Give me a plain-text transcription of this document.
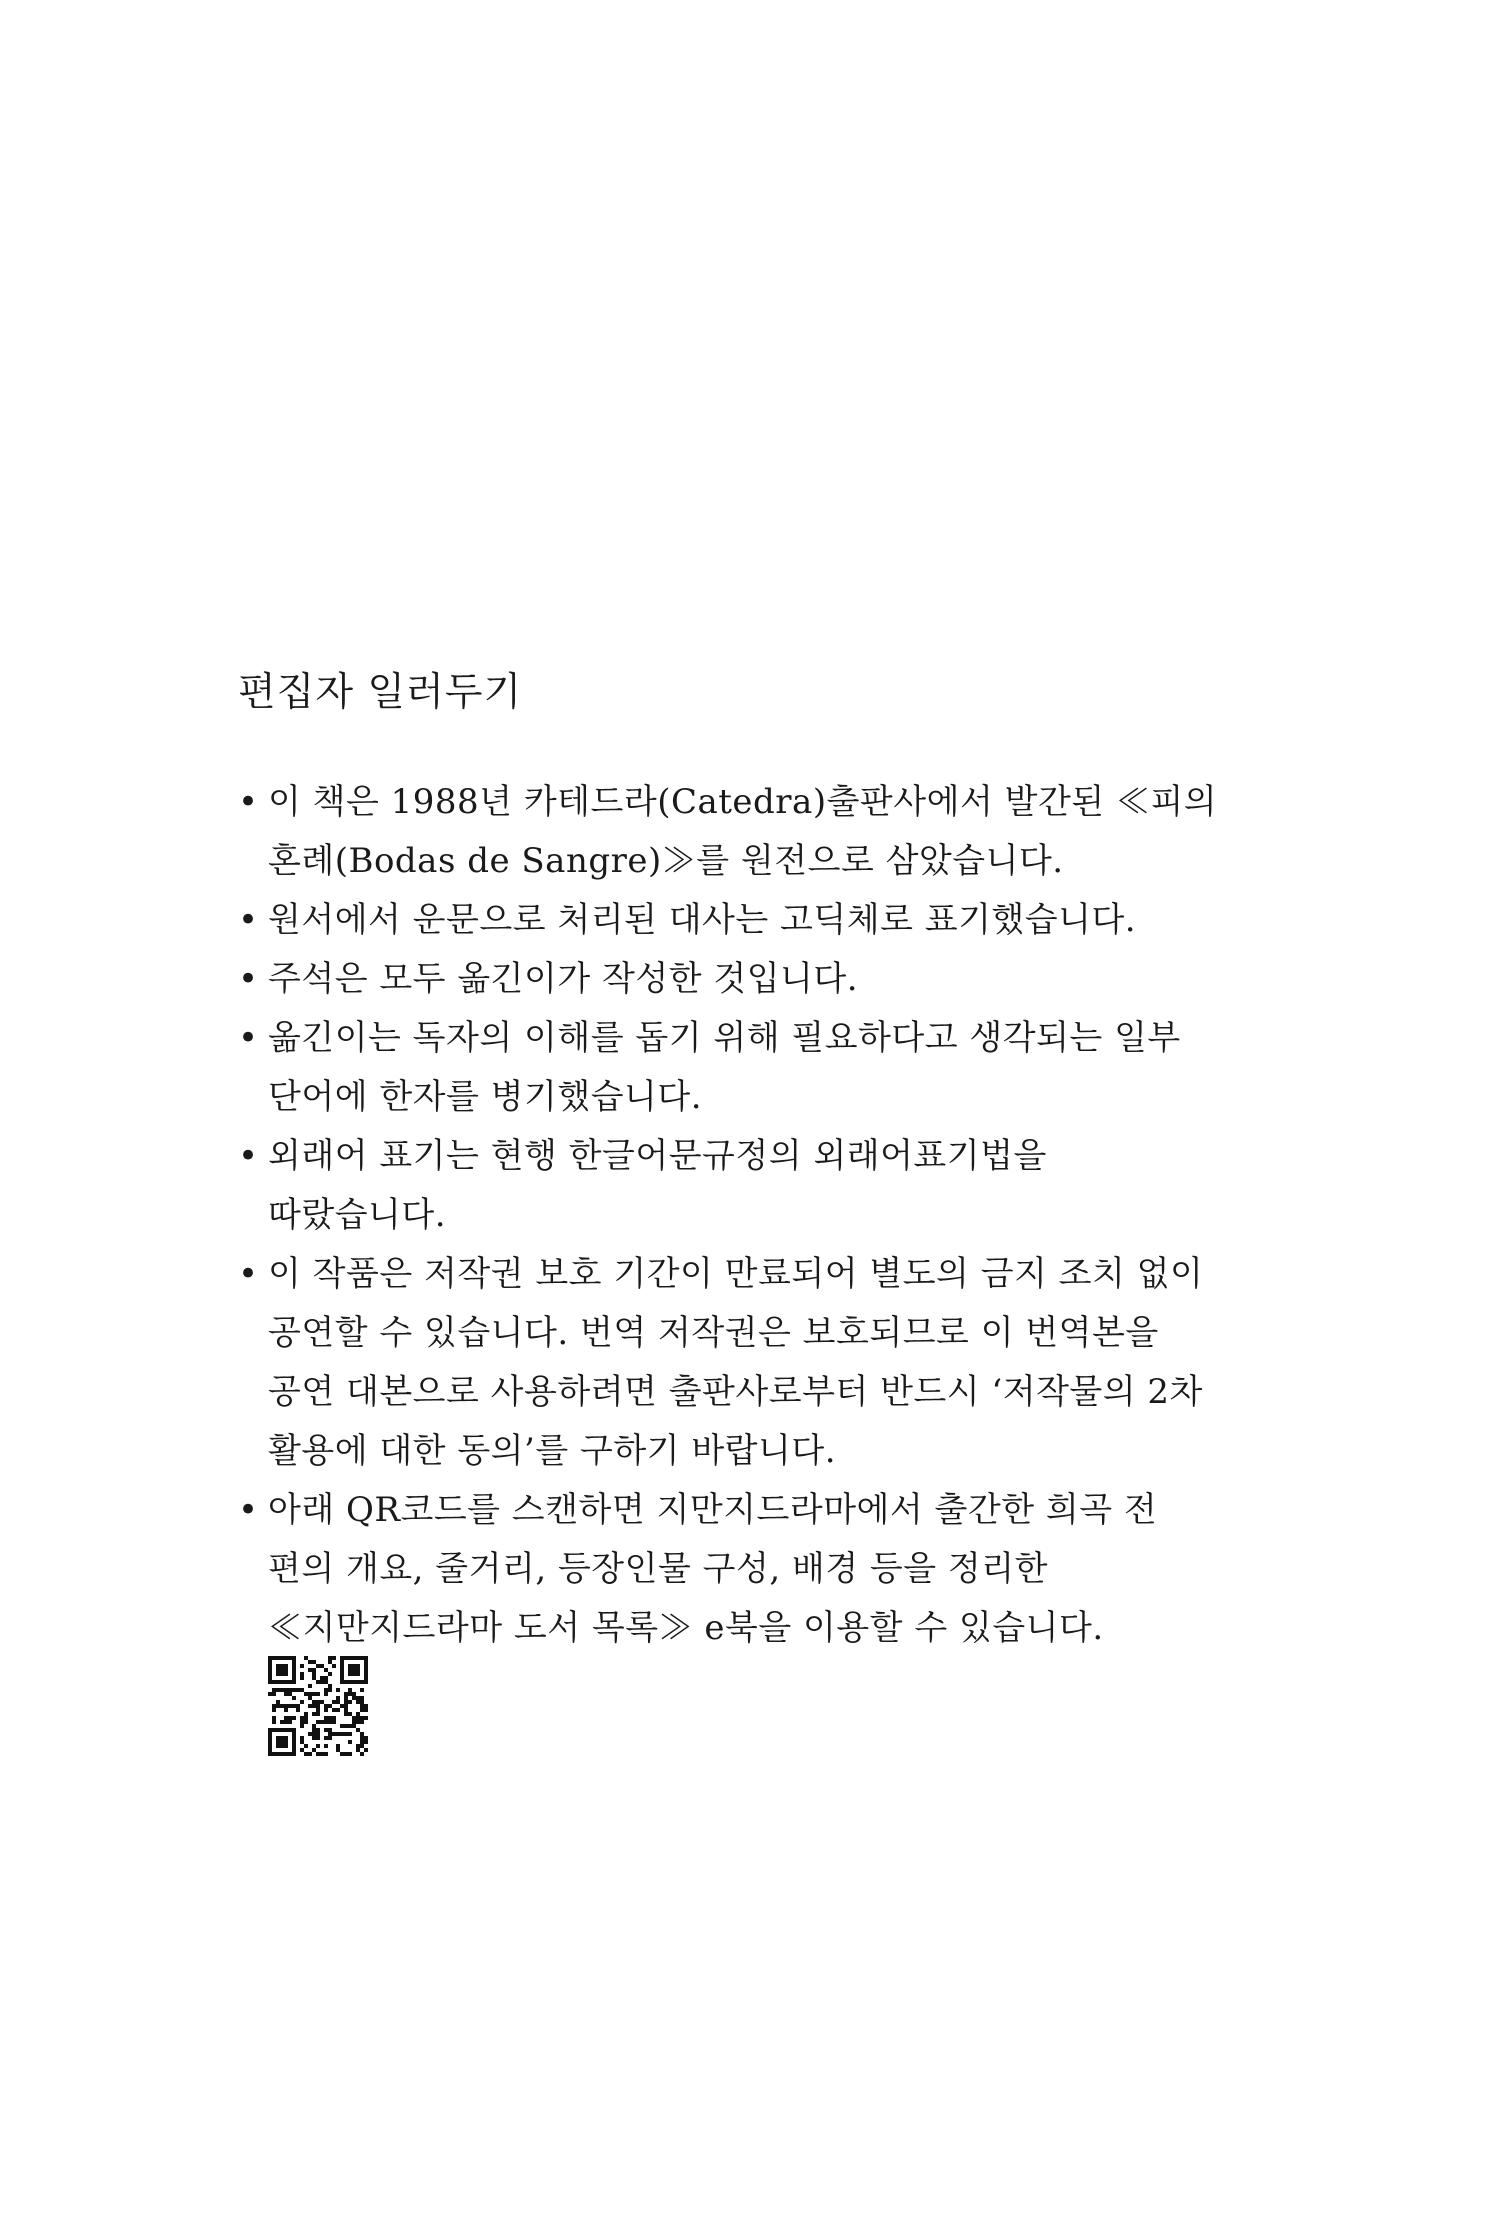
편집자 일러두기
• 이 책은 1988년 카테드라(Catedra)출판사에서 발간된 ≪피의
혼례(Bodas de Sangre)≫를 원전으로 삼았습니다.
• 원서에서 운문으로 처리된 대사는 고딕체로 표기했습니다.
• 주석은 모두 옮긴이가 작성한 것입니다.
• 옮긴이는 독자의 이해를 돕기 위해 필요하다고 생각되는 일부
단어에 한자를 병기했습니다.
• 외래어 표기는 현행 한글어문규정의 외래어표기법을
따랐습니다.
• 이 작품은 저작권 보호 기간이 만료되어 별도의 금지 조치 없이
공연할 수 있습니다. 번역 저작권은 보호되므로 이 번역본을
공연 대본으로 사용하려면 출판사로부터 반드시 ‘저작물의 2차
활용에 대한 동의’를 구하기 바랍니다.
• 아래 QR코드를 스캔하면 지만지드라마에서 출간한 희곡 전
편의 개요, 줄거리, 등장인물 구성, 배경 등을 정리한
≪지만지드라마 도서 목록≫ e북을 이용할 수 있습니다.
